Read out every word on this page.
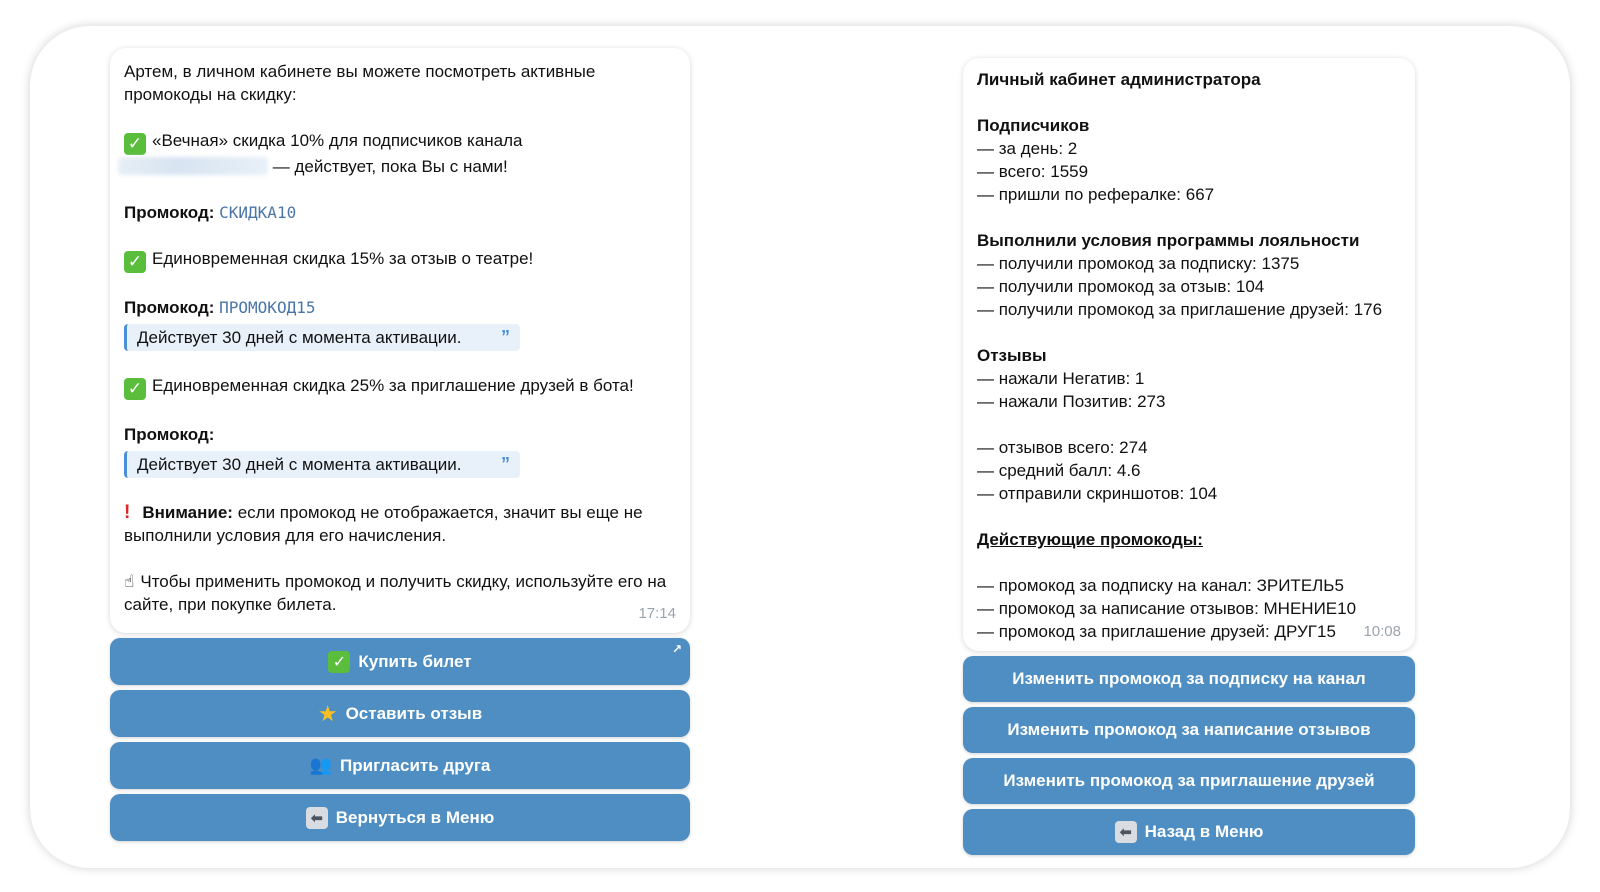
Артем, в личном кабинете вы можете посмотреть активные промокоды на скидку:
✓ «Вечная» скидка 10% для подписчиков канала
— действует, пока Вы с нами!
Промокод: СКИДКА10
✓ Единовременная скидка 15% за отзыв о театре!
Промокод: ПРОМОКОД15
Действует 30 дней с момента активации. ”
✓ Единовременная скидка 25% за приглашение друзей в бота!
Промокод:
Действует 30 дней с момента активации. ”
! Внимание: если промокод не отображается, значит вы еще не выполнили условия для его начисления.
☝ Чтобы применить промокод и получить скидку, используйте его на сайте, при покупке билета.	17:14
✓ Купить билет
↗
★ Оставить отзыв
👥 Пригласить друга
⬅ Вернуться в Меню
Личный кабинет администратора
Подписчиков
— за день: 2
— всего: 1559
— пришли по рефералке: 667
Выполнили условия программы лояльности
— получили промокод за подписку: 1375
— получили промокод за отзыв: 104
— получили промокод за приглашение друзей: 176
Отзывы
— нажали Негатив: 1
— нажали Позитив: 273
— отзывов всего: 274
— средний балл: 4.6
— отправили скриншотов: 104
Действующие промокоды:
— промокод за подписку на канал: ЗРИТЕЛЬ5
— промокод за написание отзывов: МНЕНИЕ10
— промокод за приглашение друзей: ДРУГ15	10:08
Изменить промокод за подписку на канал
Изменить промокод за написание отзывов
Изменить промокод за приглашение друзей
⬅ Назад в Меню
